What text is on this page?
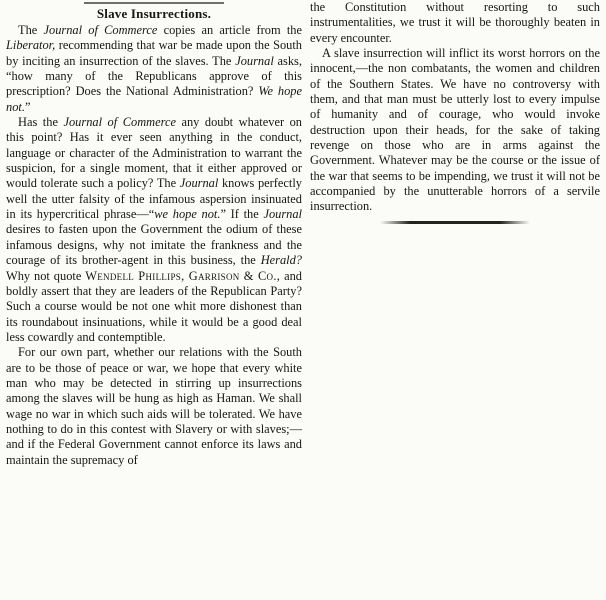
Slave Insurrections.

The Journal of Commerce copies an article from the Liberator, recommending that war be made upon the South by inciting an insurrection of the slaves. The Journal asks, “how many of the Republicans approve of this prescription? Does the National Administration? We hope not.”

Has the Journal of Commerce any doubt whatever on this point? Has it ever seen anything in the conduct, language or character of the Administration to warrant the suspicion, for a single moment, that it either approved or would tolerate such a policy? The Journal knows perfectly well the utter falsity of the infamous aspersion insinuated in its hypercritical phrase—“we hope not.” If the Journal desires to fasten upon the Government the odium of these infamous designs, why not imitate the frankness and the courage of its brother-agent in this business, the Herald? Why not quote Wendell Phillips, Garrison & Co., and boldly assert that they are leaders of the Republican Party? Such a course would be not one whit more dishonest than its roundabout insinuations, while it would be a good deal less cowardly and contemptible.

For our own part, whether our relations with the South are to be those of peace or war, we hope that every white man who may be detected in stirring up insurrections among the slaves will be hung as high as Haman. We shall wage no war in which such aids will be tolerated. We have nothing to do in this contest with Slavery or with slaves;—and if the Federal Government cannot enforce its laws and maintain the supremacy of

the Constitution without resorting to such instrumentalities, we trust it will be thoroughly beaten in every encounter.

A slave insurrection will inflict its worst horrors on the innocent,—the non combatants, the women and children of the Southern States. We have no controversy with them, and that man must be utterly lost to every impulse of humanity and of courage, who would invoke destruction upon their heads, for the sake of taking revenge on those who are in arms against the Government. Whatever may be the course or the issue of the war that seems to be impending, we trust it will not be accompanied by the unutterable horrors of a servile insurrection.
